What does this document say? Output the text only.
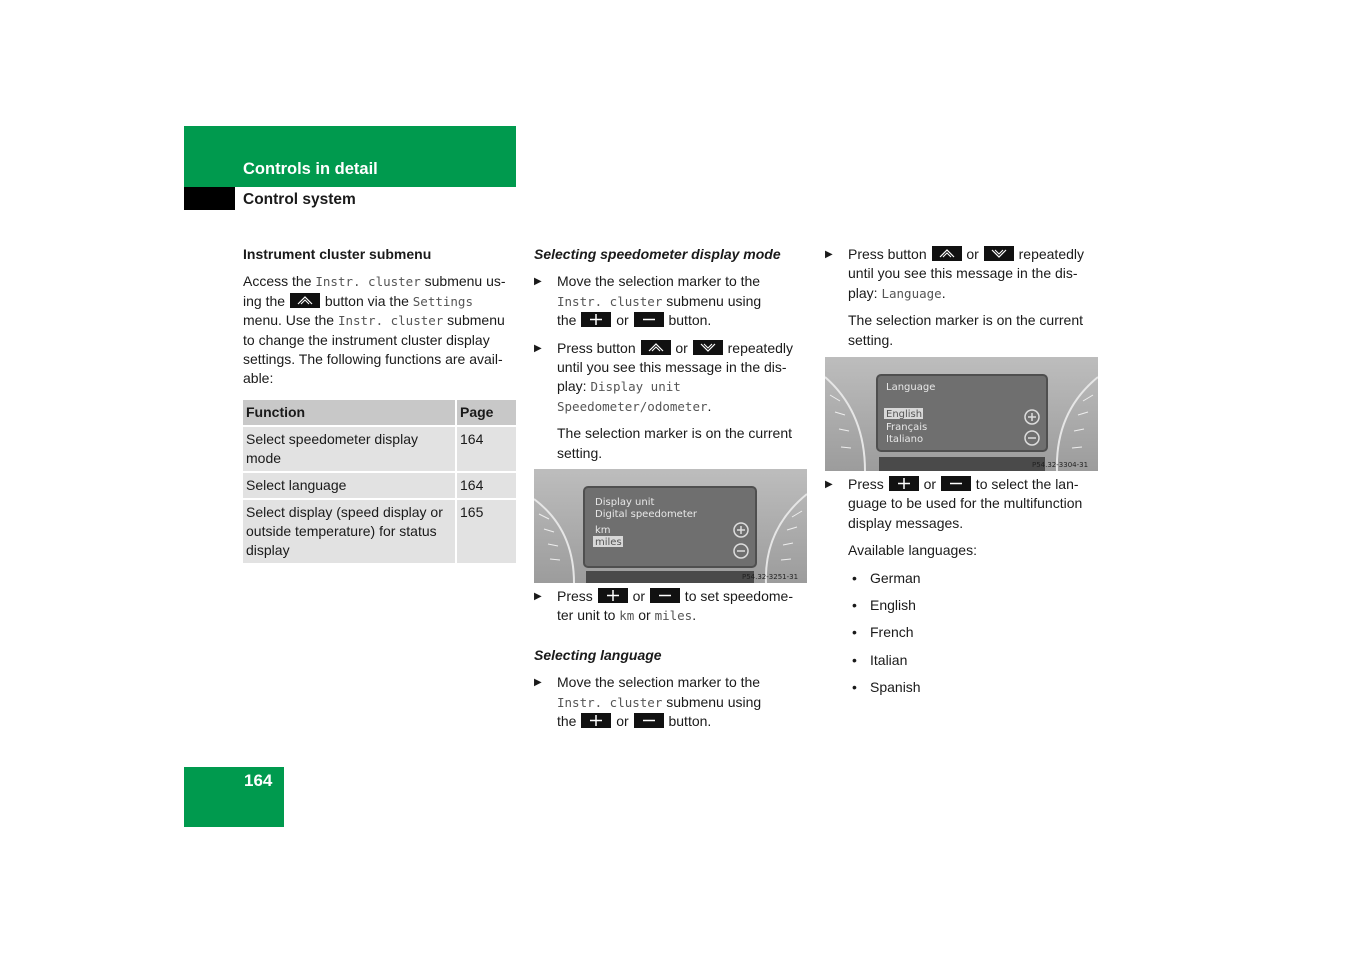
Controls in detail
Control system

Instrument cluster submenu

Access the Instr. cluster submenu us-
ing the
button via the Settings
menu. Use the Instr. cluster submenu
to change the instrument cluster display
settings. The following functions are avail-
able:

Function	Page
Select speedometer display
mode	164
Select language	164
Select display (speed display or
outside temperature) for status
display	165

Selecting speedometer display mode

▶ Move the selection marker to the
Instr. cluster submenu using
the
or
button.

▶ Press button
or
repeatedly
until you see this message in the dis-
play: Display unit
Speedometer/odometer.

The selection marker is on the current
setting.

Display unit
Digital speedometer
km
miles
P54.32-3251-31

▶ Press
or
to set speedome-
ter unit to km or miles.

Selecting language

▶ Move the selection marker to the
Instr. cluster submenu using
the
or
button.

▶ Press button
or
repeatedly
until you see this message in the dis-
play: Language.

The selection marker is on the current
setting.

Language
English
Français
Italiano
P54.32-3304-31

▶ Press
or
to select the lan-
guage to be used for the multifunction
display messages.

Available languages:

• German
• English
• French
• Italian
• Spanish
164
